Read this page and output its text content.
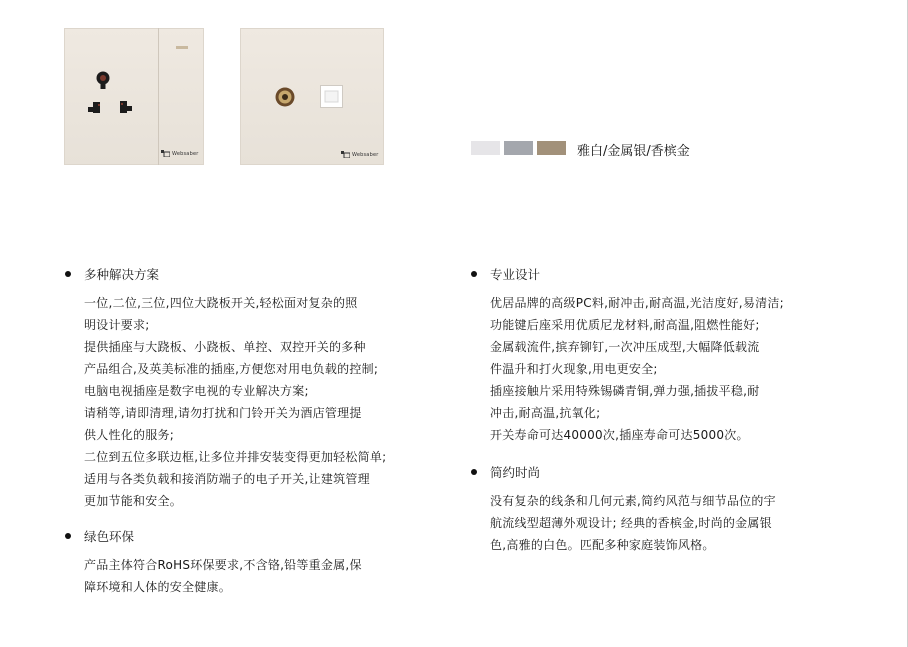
Websaber	Websaber	雅白/金属银/香槟金
多种解决方案
一位,二位,三位,四位大跷板开关,轻松面对复杂的照
明设计要求;
提供插座与大跷板、小跷板、单控、双控开关的多种
产品组合,及英美标准的插座,方便您对用电负载的控制;
电脑电视插座是数字电视的专业解决方案;
请稍等,请即清理,请勿打扰和门铃开关为酒店管理提
供人性化的服务;
二位到五位多联边框,让多位并排安装变得更加轻松简单;
适用与各类负载和接消防端子的电子开关,让建筑管理
更加节能和安全。
绿色环保
产品主体符合RoHS环保要求,不含铬,铅等重金属,保
障环境和人体的安全健康。
专业设计
优居品牌的高级PC料,耐冲击,耐高温,光洁度好,易清洁;
功能键后座采用优质尼龙材料,耐高温,阻燃性能好;
金属载流件,摈弃铆钉,一次冲压成型,大幅降低载流
件温升和打火现象,用电更安全;
插座接触片采用特殊锡磷青铜,弹力强,插拔平稳,耐
冲击,耐高温,抗氧化;
开关寿命可达40000次,插座寿命可达5000次。
简约时尚
没有复杂的线条和几何元素,简约风范与细节品位的宇
航流线型超薄外观设计; 经典的香槟金,时尚的金属银
色,高雅的白色。匹配多种家庭装饰风格。
